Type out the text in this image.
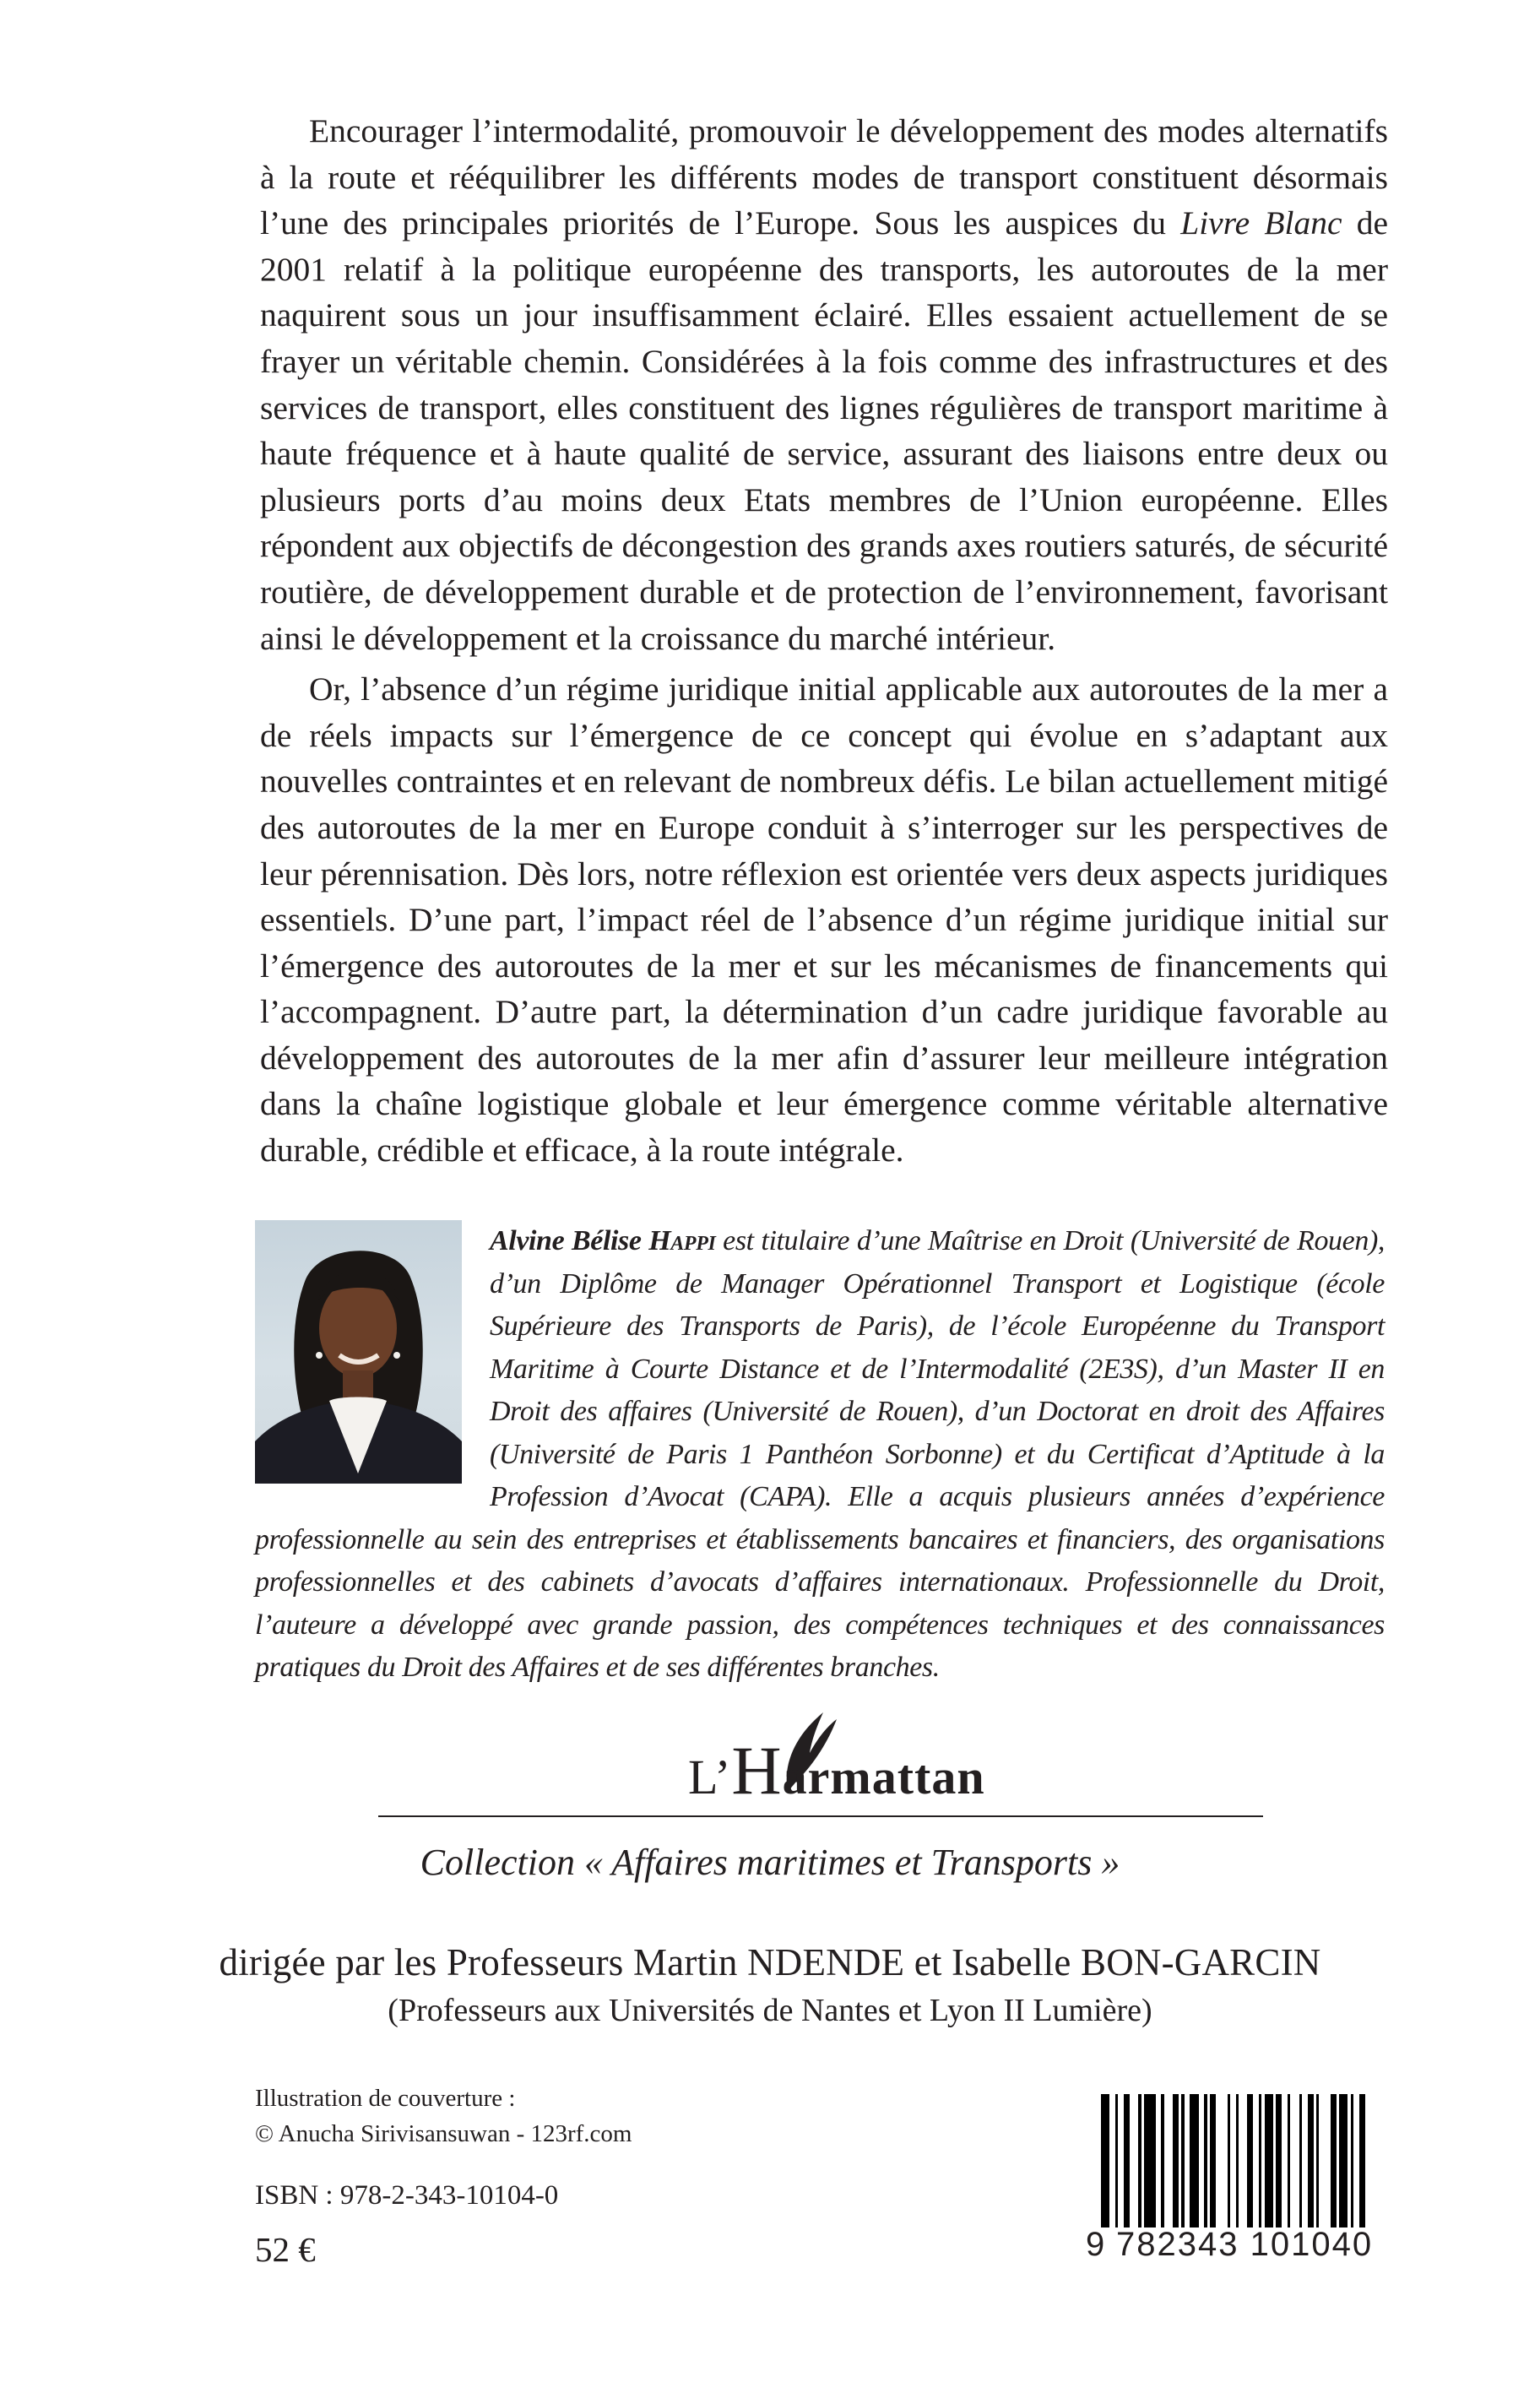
Encourager l’intermodalité, promouvoir le développement des modes alternatifs à la route et rééquilibrer les différents modes de transport constituent désormais l’une des principales priorités de l’Europe. Sous les auspices du Livre Blanc de 2001 relatif à la politique européenne des transports, les autoroutes de la mer naquirent sous un jour insuffisamment éclairé. Elles essaient actuellement de se frayer un véritable chemin. Considérées à la fois comme des infrastructures et des services de transport, elles constituent des lignes régulières de transport maritime à haute fréquence et à haute qualité de service, assurant des liaisons entre deux ou plusieurs ports d’au moins deux Etats membres de l’Union européenne. Elles répondent aux objectifs de décongestion des grands axes routiers saturés, de sécurité routière, de développement durable et de protection de l’environnement, favorisant ainsi le développement et la croissance du marché intérieur.

Or, l’absence d’un régime juridique initial applicable aux autoroutes de la mer a de réels impacts sur l’émergence de ce concept qui évolue en s’adaptant aux nouvelles contraintes et en relevant de nombreux défis. Le bilan actuellement mitigé des autoroutes de la mer en Europe conduit à s’interroger sur les perspectives de leur pérennisation. Dès lors, notre réflexion est orientée vers deux aspects juridiques essentiels. D’une part, l’impact réel de l’absence d’un régime juridique initial sur l’émergence des autoroutes de la mer et sur les mécanismes de financements qui l’accompagnent. D’autre part, la détermination d’un cadre juridique favorable au développement des autoroutes de la mer afin d’assurer leur meilleure intégration dans la chaîne logistique globale et leur émergence comme véritable alternative durable, crédible et efficace, à la route intégrale.

Alvine Bélise Happi est titulaire d’une Maîtrise en Droit (Université de Rouen), d’un Diplôme de Manager Opérationnel Transport et Logistique (école Supérieure des Transports de Paris), de l’école Européenne du Transport Maritime à Courte Distance et de l’Intermodalité (2E3S), d’un Master II en Droit des affaires (Université de Rouen), d’un Doctorat en droit des Affaires (Université de Paris 1 Panthéon Sorbonne) et du Certificat d’Aptitude à la Profession d’Avocat (CAPA). Elle a acquis plusieurs années d’expérience professionnelle au sein des entreprises et établissements bancaires et financiers, des organisations professionnelles et des cabinets d’avocats d’affaires internationaux. Professionnelle du Droit, l’auteure a développé avec grande passion, des compétences techniques et des connaissances pratiques du Droit des Affaires et de ses différentes branches.
L’Harmattan
Collection « Affaires maritimes et Transports »
dirigée par les Professeurs Martin NDENDE et Isabelle BON-GARCIN
(Professeurs aux Universités de Nantes et Lyon II Lumière)
Illustration de couverture :
© Anucha Sirivisansuwan - 123rf.com
ISBN : 978-2-343-10104-0
52 €	9 782343 101040
